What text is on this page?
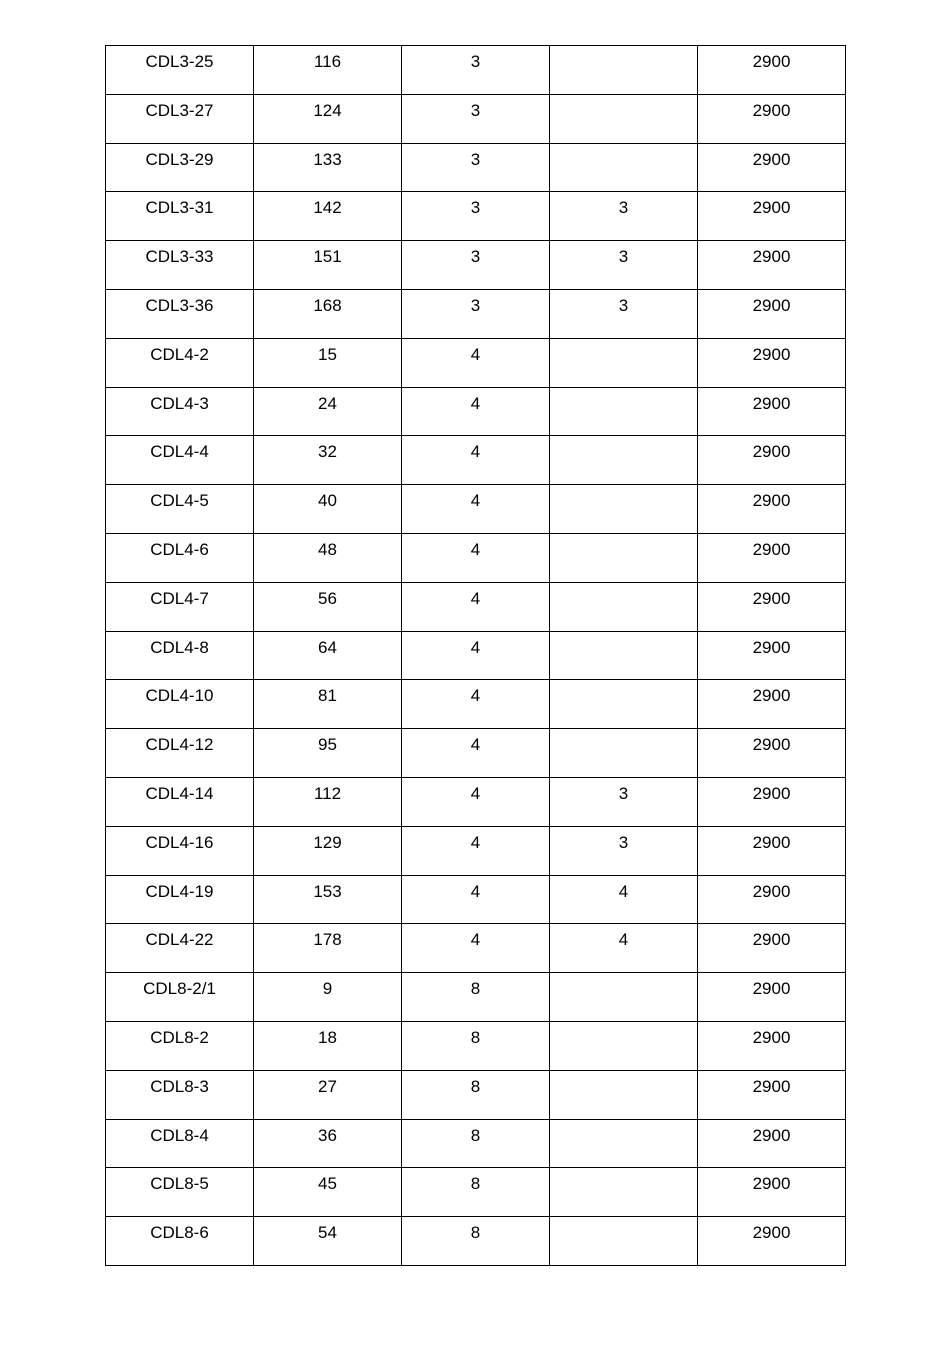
CDL3-25	116	3		2900

CDL3-27	124	3		2900

CDL3-29	133	3		2900

CDL3-31	142	3	3	2900

CDL3-33	151	3	3	2900

CDL3-36	168	3	3	2900

CDL4-2	15	4		2900

CDL4-3	24	4		2900

CDL4-4	32	4		2900

CDL4-5	40	4		2900

CDL4-6	48	4		2900

CDL4-7	56	4		2900

CDL4-8	64	4		2900

CDL4-10	81	4		2900

CDL4-12	95	4		2900

CDL4-14	112	4	3	2900

CDL4-16	129	4	3	2900

CDL4-19	153	4	4	2900

CDL4-22	178	4	4	2900

CDL8-2/1	9	8		2900

CDL8-2	18	8		2900

CDL8-3	27	8		2900

CDL8-4	36	8		2900

CDL8-5	45	8		2900

CDL8-6	54	8		2900
